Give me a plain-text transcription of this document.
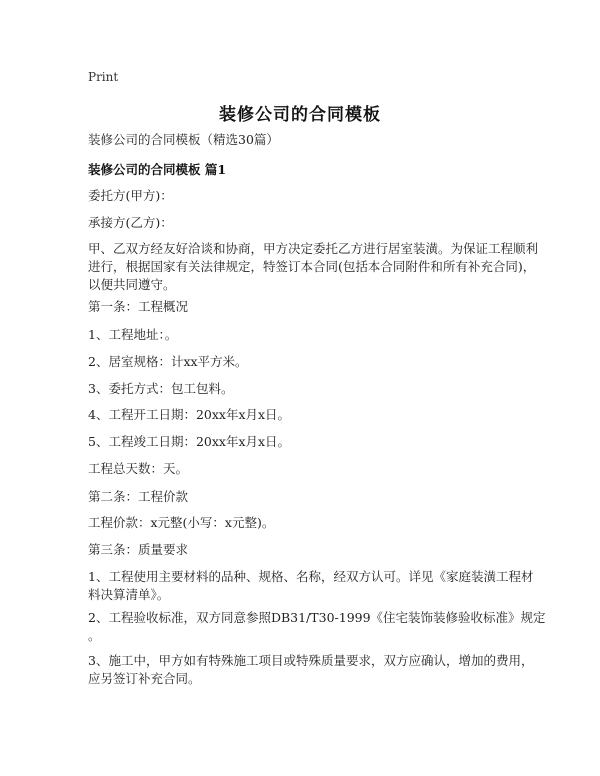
Print
装修公司的合同模板
装修公司的合同模板（精选30篇）
装修公司的合同模板 篇1
委托方(甲方)：
承接方(乙方)：
甲、乙双方经友好洽谈和协商，甲方决定委托乙方进行居室装潢。为保证工程顺利
进行，根据国家有关法律规定，特签订本合同(包括本合同附件和所有补充合同)，
以便共同遵守。
第一条：工程概况
1、工程地址：。
2、居室规格：计xx平方米。
3、委托方式：包工包料。
4、工程开工日期：20xx年x月x日。
5、工程竣工日期：20xx年x月x日。
工程总天数：天。
第二条：工程价款
工程价款：x元整(小写：x元整)。
第三条：质量要求
1、工程使用主要材料的品种、规格、名称，经双方认可。详见《家庭装潢工程材
料决算清单》。
2、工程验收标准，双方同意参照DB31/T30-1999《住宅装饰装修验收标准》规定
。
3、施工中，甲方如有特殊施工项目或特殊质量要求，双方应确认，增加的费用，
应另签订补充合同。
